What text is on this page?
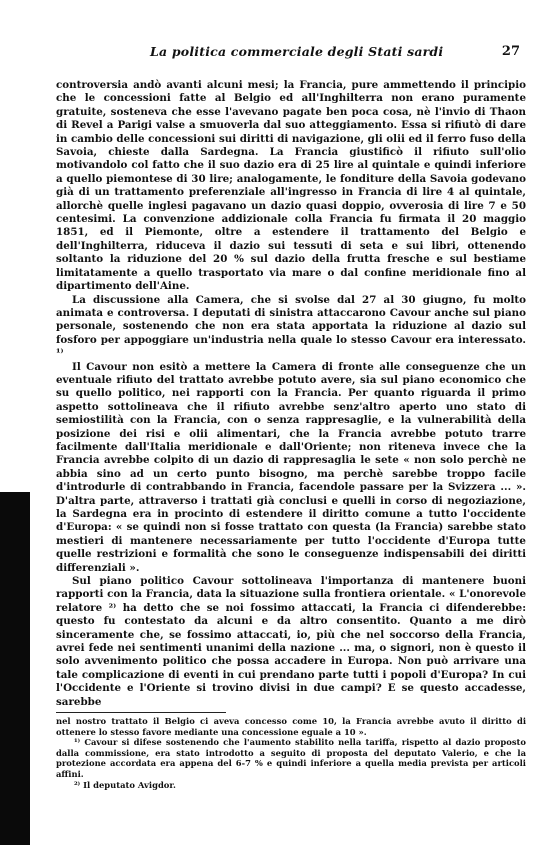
La politica commerciale degli Stati sardi	27

controversia andò avanti alcuni mesi; la Francia, pure ammettendo il principio che le concessioni fatte al Belgio ed all'Inghilterra non erano puramente gratuite, sosteneva che esse l'avevano pagate ben poca cosa, nè l'invio di Thaon di Revel a Parigi valse a smuoverla dal suo atteggiamento. Essa si rifiutò di dare in cambio delle concessioni sui diritti di navigazione, gli olii ed il ferro fuso della Savoia, chieste dalla Sardegna. La Francia giustificò il rifiuto sull'olio motivandolo col fatto che il suo dazio era di 25 lire al quintale e quindi inferiore a quello piemontese di 30 lire; analogamente, le fonditure della Savoia godevano già di un trattamento preferenziale all'ingresso in Francia di lire 4 al quintale, allorchè quelle inglesi pagavano un dazio quasi doppio, ovverosia di lire 7 e 50 centesimi. La convenzione addizionale colla Francia fu firmata il 20 maggio 1851, ed il Piemonte, oltre a estendere il trattamento del Belgio e dell'Inghilterra, riduceva il dazio sui tessuti di seta e sui libri, ottenendo soltanto la riduzione del 20 % sul dazio della frutta fresche e sul bestiame limitatamente a quello trasportato via mare o dal confine meridionale fino al dipartimento dell'Aine.

La discussione alla Camera, che si svolse dal 27 al 30 giugno, fu molto animata e controversa. I deputati di sinistra attaccarono Cavour anche sul piano personale, sostenendo che non era stata apportata la riduzione al dazio sul fosforo per appoggiare un'industria nella quale lo stesso Cavour era interessato. ¹⁾

Il Cavour non esitò a mettere la Camera di fronte alle conseguenze che un eventuale rifiuto del trattato avrebbe potuto avere, sia sul piano economico che su quello politico, nei rapporti con la Francia. Per quanto riguarda il primo aspetto sottolineava che il rifiuto avrebbe senz'altro aperto uno stato di semiostilità con la Francia, con o senza rappresaglie, e la vulnerabilità della posizione dei risi e olii alimentari, che la Francia avrebbe potuto trarre facilmente dall'Italia meridionale e dall'Oriente; non riteneva invece che la Francia avrebbe colpito di un dazio di rappresaglia le sete « non solo perchè ne abbia sino ad un certo punto bisogno, ma perchè sarebbe troppo facile d'introdurle di contrabbando in Francia, facendole passare per la Svizzera ... ». D'altra parte, attraverso i trattati già conclusi e quelli in corso di negoziazione, la Sardegna era in procinto di estendere il diritto comune a tutto l'occidente d'Europa: « se quindi non si fosse trattato con questa (la Francia) sarebbe stato mestieri di mantenere necessariamente per tutto l'occidente d'Europa tutte quelle restrizioni e formalità che sono le conseguenze indispensabili dei diritti differenziali ».

Sul piano politico Cavour sottolineava l'importanza di mantenere buoni rapporti con la Francia, data la situazione sulla frontiera orientale. « L'onorevole relatore ²⁾ ha detto che se noi fossimo attaccati, la Francia ci difenderebbe: questo fu contestato da alcuni e da altro consentito. Quanto a me dirò sinceramente che, se fossimo attaccati, io, più che nel soccorso della Francia, avrei fede nei sentimenti unanimi della nazione ... ma, o signori, non è questo il solo avvenimento politico che possa accadere in Europa. Non può arrivare una tale complicazione di eventi in cui prendano parte tutti i popoli d'Europa? In cui l'Occidente e l'Oriente si trovino divisi in due campi? E se questo accadesse, sarebbe

nel nostro trattato il Belgio ci aveva concesso come 10, la Francia avrebbe avuto il diritto di ottenere lo stesso favore mediante una concessione eguale a 10 ».

¹⁾ Cavour si difese sostenendo che l'aumento stabilito nella tariffa, rispetto al dazio proposto dalla commissione, era stato introdotto a seguito di proposta del deputato Valerio, e che la protezione accordata era appena del 6-7 % e quindi inferiore a quella media prevista per articoli affini.

²⁾ Il deputato Avigdor.
